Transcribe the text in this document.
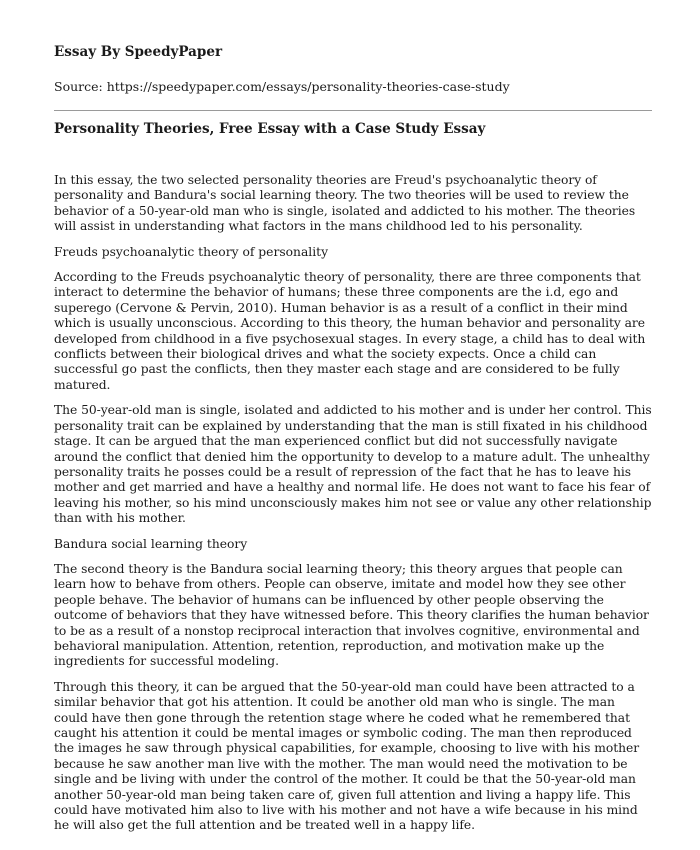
Essay By SpeedyPaper

Source: https://speedypaper.com/essays/personality-theories-case-study

Personality Theories, Free Essay with a Case Study Essay

In this essay, the two selected personality theories are Freud's psychoanalytic theory of personality and Bandura's social learning theory. The two theories will be used to review the behavior of a 50-year-old man who is single, isolated and addicted to his mother. The theories will assist in understanding what factors in the mans childhood led to his personality.

Freuds psychoanalytic theory of personality

According to the Freuds psychoanalytic theory of personality, there are three components that interact to determine the behavior of humans; these three components are the i.d, ego and superego (Cervone & Pervin, 2010). Human behavior is as a result of a conflict in their mind which is usually unconscious. According to this theory, the human behavior and personality are developed from childhood in a five psychosexual stages. In every stage, a child has to deal with conflicts between their biological drives and what the society expects. Once a child can successful go past the conflicts, then they master each stage and are considered to be fully matured.

The 50-year-old man is single, isolated and addicted to his mother and is under her control. This personality trait can be explained by understanding that the man is still fixated in his childhood stage. It can be argued that the man experienced conflict but did not successfully navigate around the conflict that denied him the opportunity to develop to a mature adult. The unhealthy personality traits he posses could be a result of repression of the fact that he has to leave his mother and get married and have a healthy and normal life. He does not want to face his fear of leaving his mother, so his mind unconsciously makes him not see or value any other relationship than with his mother.

Bandura social learning theory

The second theory is the Bandura social learning theory; this theory argues that people can learn how to behave from others. People can observe, imitate and model how they see other people behave. The behavior of humans can be influenced by other people observing the outcome of behaviors that they have witnessed before. This theory clarifies the human behavior to be as a result of a nonstop reciprocal interaction that involves cognitive, environmental and behavioral manipulation. Attention, retention, reproduction, and motivation make up the ingredients for successful modeling.

Through this theory, it can be argued that the 50-year-old man could have been attracted to a similar behavior that got his attention. It could be another old man who is single. The man could have then gone through the retention stage where he coded what he remembered that caught his attention it could be mental images or symbolic coding. The man then reproduced the images he saw through physical capabilities, for example, choosing to live with his mother because he saw another man live with the mother. The man would need the motivation to be single and be living with under the control of the mother. It could be that the 50-year-old man another 50-year-old man being taken care of, given full attention and living a happy life. This could have motivated him also to live with his mother and not have a wife because in his mind he will also get the full attention and be treated well in a happy life.
